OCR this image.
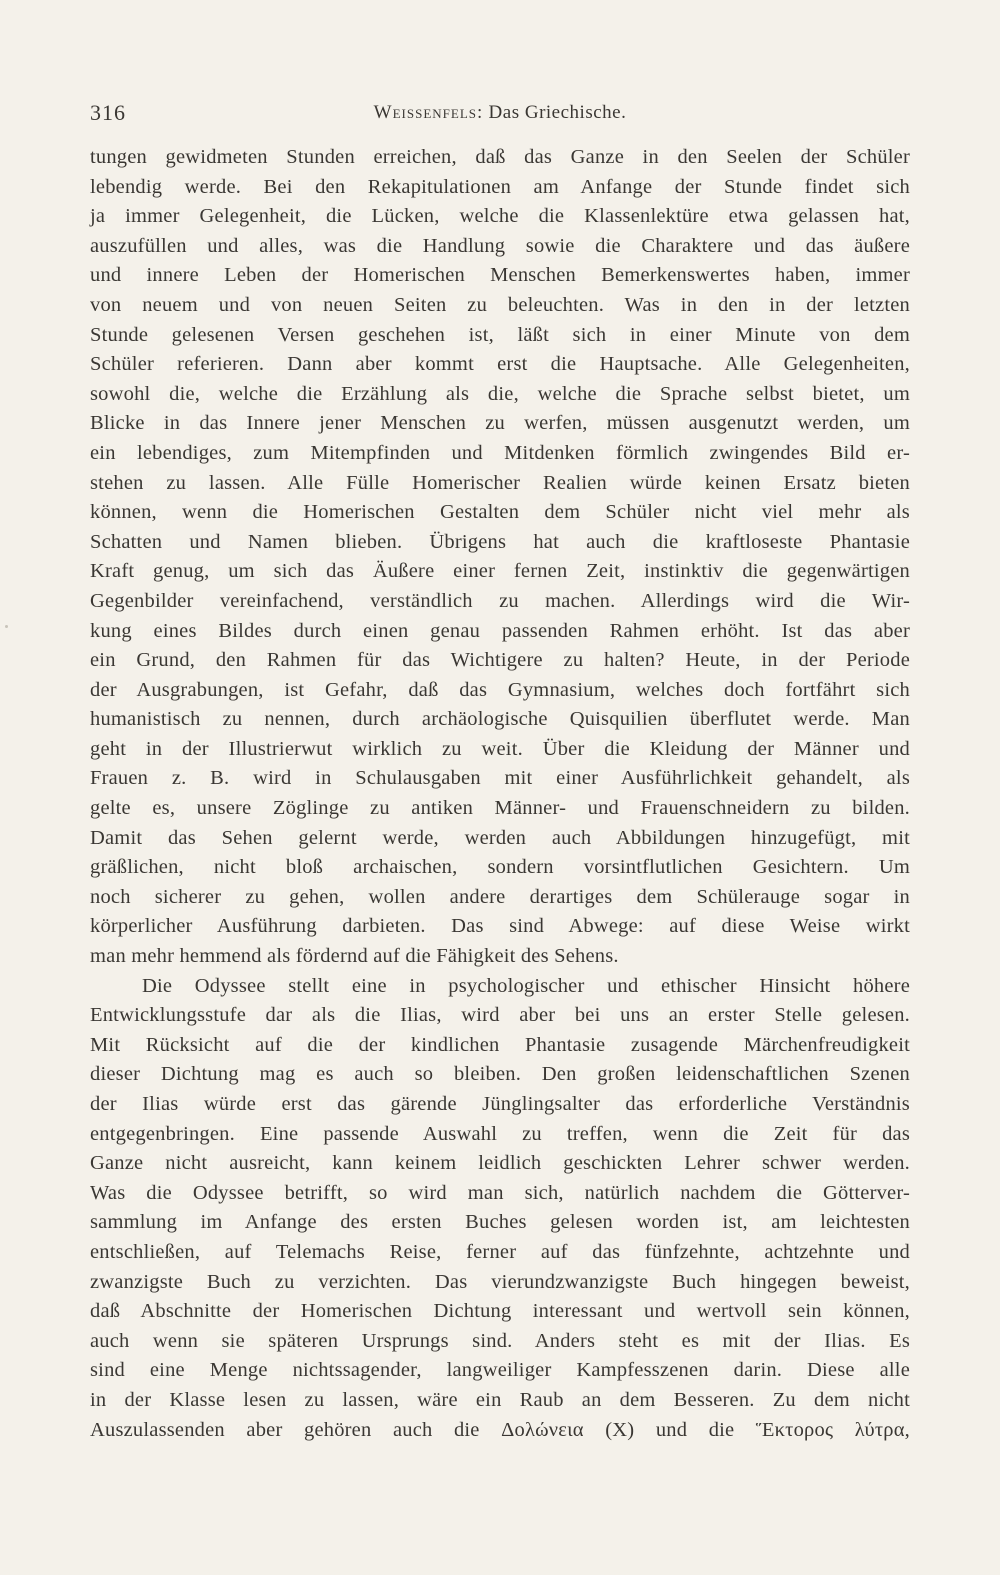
316	Weissenfels: Das Griechische.
tungen gewidmeten Stunden erreichen, daß das Ganze in den Seelen der Schüler
lebendig werde. Bei den Rekapitulationen am Anfange der Stunde findet sich
ja immer Gelegenheit, die Lücken, welche die Klassenlektüre etwa gelassen hat,
auszufüllen und alles, was die Handlung sowie die Charaktere und das äußere
und innere Leben der Homerischen Menschen Bemerkenswertes haben, immer
von neuem und von neuen Seiten zu beleuchten. Was in den in der letzten
Stunde gelesenen Versen geschehen ist, läßt sich in einer Minute von dem
Schüler referieren. Dann aber kommt erst die Hauptsache. Alle Gelegenheiten,
sowohl die, welche die Erzählung als die, welche die Sprache selbst bietet, um
Blicke in das Innere jener Menschen zu werfen, müssen ausgenutzt werden, um
ein lebendiges, zum Mitempfinden und Mitdenken förmlich zwingendes Bild er-
stehen zu lassen. Alle Fülle Homerischer Realien würde keinen Ersatz bieten
können, wenn die Homerischen Gestalten dem Schüler nicht viel mehr als
Schatten und Namen blieben. Übrigens hat auch die kraftloseste Phantasie
Kraft genug, um sich das Äußere einer fernen Zeit, instinktiv die gegenwärtigen
Gegenbilder vereinfachend, verständlich zu machen. Allerdings wird die Wir-
kung eines Bildes durch einen genau passenden Rahmen erhöht. Ist das aber
ein Grund, den Rahmen für das Wichtigere zu halten? Heute, in der Periode
der Ausgrabungen, ist Gefahr, daß das Gymnasium, welches doch fortfährt sich
humanistisch zu nennen, durch archäologische Quisquilien überflutet werde. Man
geht in der Illustrierwut wirklich zu weit. Über die Kleidung der Männer und
Frauen z. B. wird in Schulausgaben mit einer Ausführlichkeit gehandelt, als
gelte es, unsere Zöglinge zu antiken Männer- und Frauenschneidern zu bilden.
Damit das Sehen gelernt werde, werden auch Abbildungen hinzugefügt, mit
gräßlichen, nicht bloß archaischen, sondern vorsintflutlichen Gesichtern. Um
noch sicherer zu gehen, wollen andere derartiges dem Schülerauge sogar in
körperlicher Ausführung darbieten. Das sind Abwege: auf diese Weise wirkt
man mehr hemmend als fördernd auf die Fähigkeit des Sehens.
Die Odyssee stellt eine in psychologischer und ethischer Hinsicht höhere
Entwicklungsstufe dar als die Ilias, wird aber bei uns an erster Stelle gelesen.
Mit Rücksicht auf die der kindlichen Phantasie zusagende Märchenfreudigkeit
dieser Dichtung mag es auch so bleiben. Den großen leidenschaftlichen Szenen
der Ilias würde erst das gärende Jünglingsalter das erforderliche Verständnis
entgegenbringen. Eine passende Auswahl zu treffen, wenn die Zeit für das
Ganze nicht ausreicht, kann keinem leidlich geschickten Lehrer schwer werden.
Was die Odyssee betrifft, so wird man sich, natürlich nachdem die Götterver-
sammlung im Anfange des ersten Buches gelesen worden ist, am leichtesten
entschließen, auf Telemachs Reise, ferner auf das fünfzehnte, achtzehnte und
zwanzigste Buch zu verzichten. Das vierundzwanzigste Buch hingegen beweist,
daß Abschnitte der Homerischen Dichtung interessant und wertvoll sein können,
auch wenn sie späteren Ursprungs sind. Anders steht es mit der Ilias. Es
sind eine Menge nichtssagender, langweiliger Kampfesszenen darin. Diese alle
in der Klasse lesen zu lassen, wäre ein Raub an dem Besseren. Zu dem nicht
Auszulassenden aber gehören auch die Δολώνεια (X) und die Ἕκτορος λύτρα,
